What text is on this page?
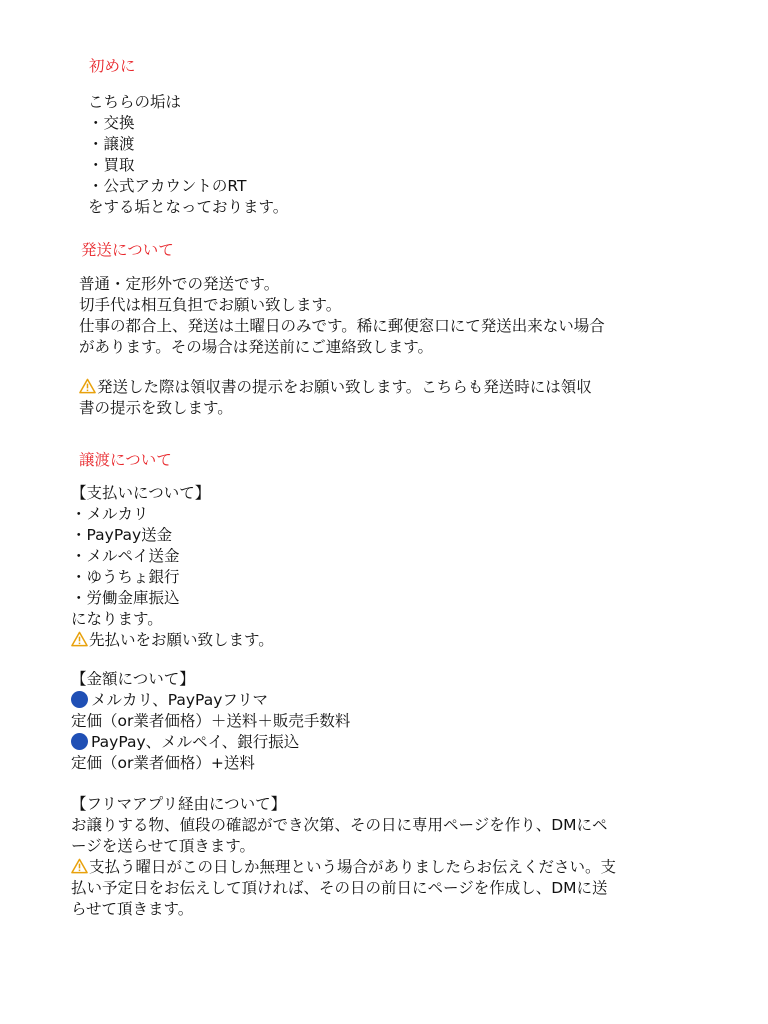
初めに
こちらの垢は
・交換
・譲渡
・買取
・公式アカウントのRT
をする垢となっております。
発送について
普通・定形外での発送です。
切手代は相互負担でお願い致します。
仕事の都合上、発送は土曜日のみです。稀に郵便窓口にて発送出来ない場合
があります。その場合は発送前にご連絡致します。
発送した際は領収書の提示をお願い致します。こちらも発送時には領収
書の提示を致します。
譲渡について
【支払いについて】
・メルカリ
・PayPay送金
・メルペイ送金
・ゆうちょ銀行
・労働金庫振込
になります。
先払いをお願い致します。
【金額について】
メルカリ、PayPayフリマ
定価（or業者価格）＋送料＋販売手数料
PayPay、メルペイ、銀行振込
定価（or業者価格）+送料
【フリマアプリ経由について】
お譲りする物、値段の確認ができ次第、その日に専用ページを作り、DMにペ
ージを送らせて頂きます。
支払う曜日がこの日しか無理という場合がありましたらお伝えください。支
払い予定日をお伝えして頂ければ、その日の前日にページを作成し、DMに送
らせて頂きます。
